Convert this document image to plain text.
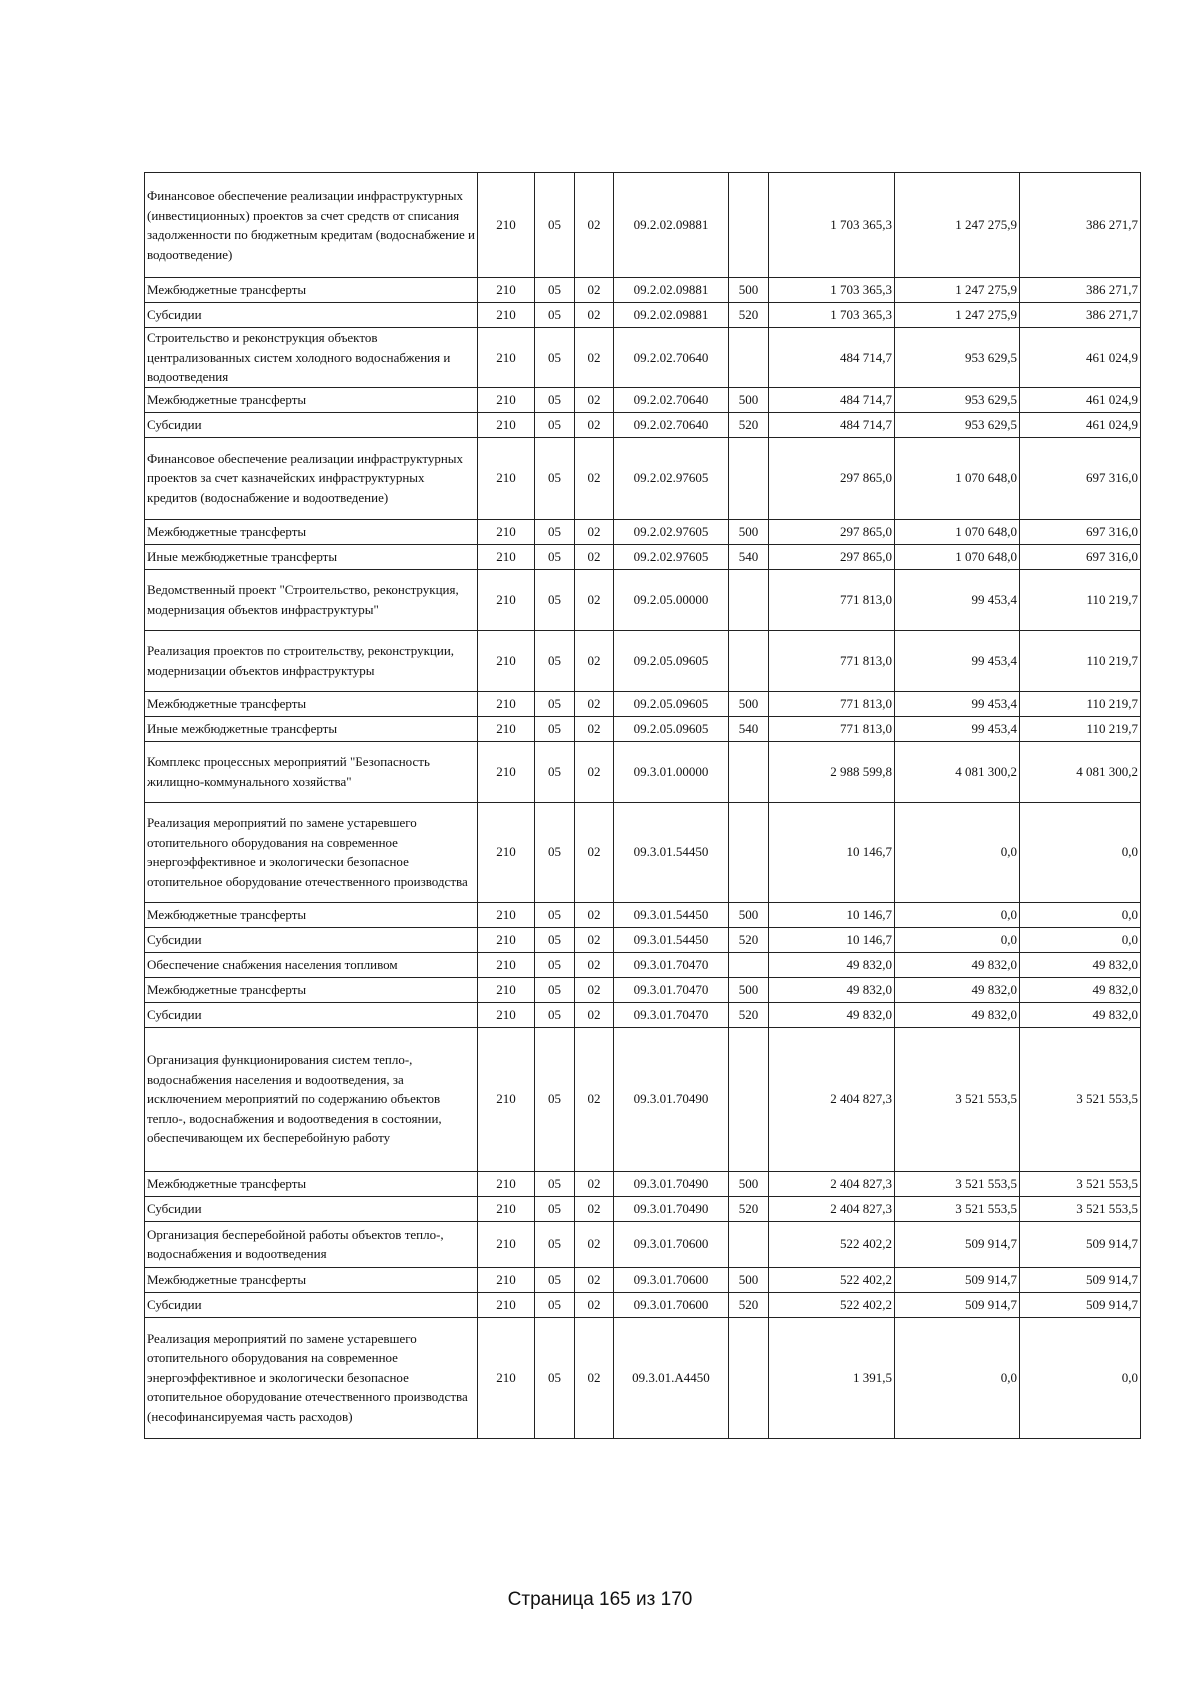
Финансовое обеспечение реализации инфраструктурных (инвестиционных) проектов за счет средств от списания задолженности по бюджетным кредитам (водоснабжение и водоотведение)	210	05	02	09.2.02.09881		1 703 365,3	1 247 275,9	386 271,7
Межбюджетные трансферты	210	05	02	09.2.02.09881	500	1 703 365,3	1 247 275,9	386 271,7
Субсидии	210	05	02	09.2.02.09881	520	1 703 365,3	1 247 275,9	386 271,7
Строительство и реконструкция объектов централизованных систем холодного водоснабжения и водоотведения	210	05	02	09.2.02.70640		484 714,7	953 629,5	461 024,9
Межбюджетные трансферты	210	05	02	09.2.02.70640	500	484 714,7	953 629,5	461 024,9
Субсидии	210	05	02	09.2.02.70640	520	484 714,7	953 629,5	461 024,9
Финансовое обеспечение реализации инфраструктурных проектов за счет казначейских инфраструктурных кредитов (водоснабжение и водоотведение)	210	05	02	09.2.02.97605		297 865,0	1 070 648,0	697 316,0
Межбюджетные трансферты	210	05	02	09.2.02.97605	500	297 865,0	1 070 648,0	697 316,0
Иные межбюджетные трансферты	210	05	02	09.2.02.97605	540	297 865,0	1 070 648,0	697 316,0
Ведомственный проект "Строительство, реконструкция, модернизация объектов инфраструктуры"	210	05	02	09.2.05.00000		771 813,0	99 453,4	110 219,7
Реализация проектов по строительству, реконструкции, модернизации объектов инфраструктуры	210	05	02	09.2.05.09605		771 813,0	99 453,4	110 219,7
Межбюджетные трансферты	210	05	02	09.2.05.09605	500	771 813,0	99 453,4	110 219,7
Иные межбюджетные трансферты	210	05	02	09.2.05.09605	540	771 813,0	99 453,4	110 219,7
Комплекс процессных мероприятий "Безопасность жилищно-коммунального хозяйства"	210	05	02	09.3.01.00000		2 988 599,8	4 081 300,2	4 081 300,2
Реализация мероприятий по замене устаревшего отопительного оборудования на современное энергоэффективное и экологически безопасное отопительное оборудование отечественного производства	210	05	02	09.3.01.54450		10 146,7	0,0	0,0
Межбюджетные трансферты	210	05	02	09.3.01.54450	500	10 146,7	0,0	0,0
Субсидии	210	05	02	09.3.01.54450	520	10 146,7	0,0	0,0
Обеспечение снабжения населения топливом	210	05	02	09.3.01.70470		49 832,0	49 832,0	49 832,0
Межбюджетные трансферты	210	05	02	09.3.01.70470	500	49 832,0	49 832,0	49 832,0
Субсидии	210	05	02	09.3.01.70470	520	49 832,0	49 832,0	49 832,0
Организация функционирования систем тепло-, водоснабжения населения и водоотведения, за исключением мероприятий по содержанию объектов тепло-, водоснабжения и водоотведения в состоянии, обеспечивающем их бесперебойную работу	210	05	02	09.3.01.70490		2 404 827,3	3 521 553,5	3 521 553,5
Межбюджетные трансферты	210	05	02	09.3.01.70490	500	2 404 827,3	3 521 553,5	3 521 553,5
Субсидии	210	05	02	09.3.01.70490	520	2 404 827,3	3 521 553,5	3 521 553,5
Организация бесперебойной работы объектов тепло-, водоснабжения и водоотведения	210	05	02	09.3.01.70600		522 402,2	509 914,7	509 914,7
Межбюджетные трансферты	210	05	02	09.3.01.70600	500	522 402,2	509 914,7	509 914,7
Субсидии	210	05	02	09.3.01.70600	520	522 402,2	509 914,7	509 914,7
Реализация мероприятий по замене устаревшего отопительного оборудования на современное энергоэффективное и экологически безопасное отопительное оборудование отечественного производства (несофинансируемая часть расходов)	210	05	02	09.3.01.A4450		1 391,5	0,0	0,0
Страница 165 из 170
